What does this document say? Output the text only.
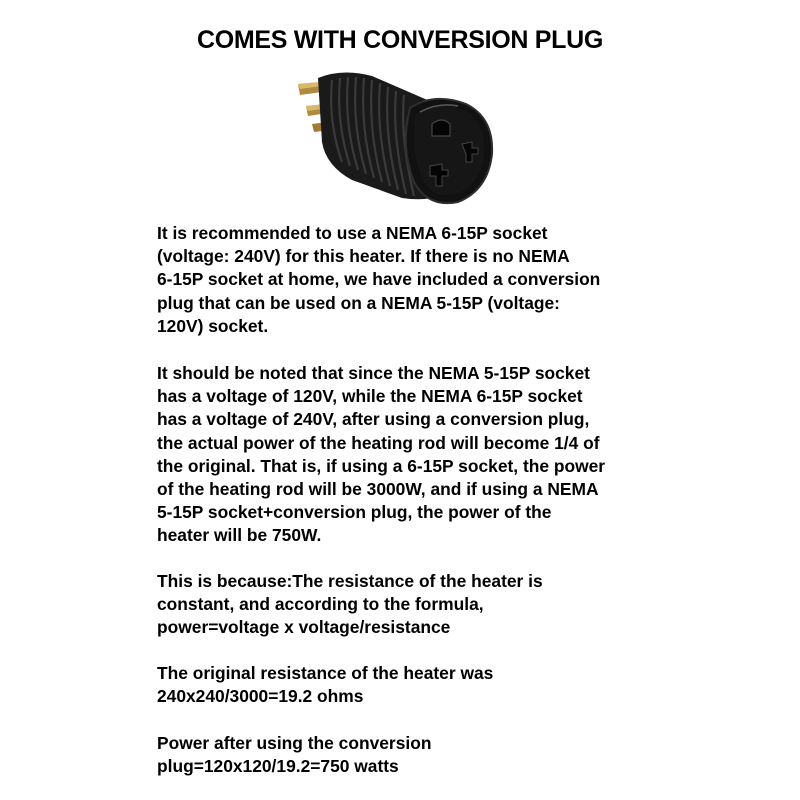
COMES WITH CONVERSION PLUG
It is recommended to use a NEMA 6-15P socket
(voltage: 240V) for this heater. If there is no NEMA
6-15P socket at home, we have included a conversion
plug that can be used on a NEMA 5-15P (voltage:
120V) socket.
It should be noted that since the NEMA 5-15P socket
has a voltage of 120V, while the NEMA 6-15P socket
has a voltage of 240V, after using a conversion plug,
the actual power of the heating rod will become 1/4 of
the original. That is, if using a 6-15P socket, the power
of the heating rod will be 3000W, and if using a NEMA
5-15P socket+conversion plug, the power of the
heater will be 750W.
This is because:The resistance of the heater is
constant, and according to the formula,
power=voltage x voltage/resistance
The original resistance of the heater was
240x240/3000=19.2 ohms
Power after using the conversion
plug=120x120/19.2=750 watts
